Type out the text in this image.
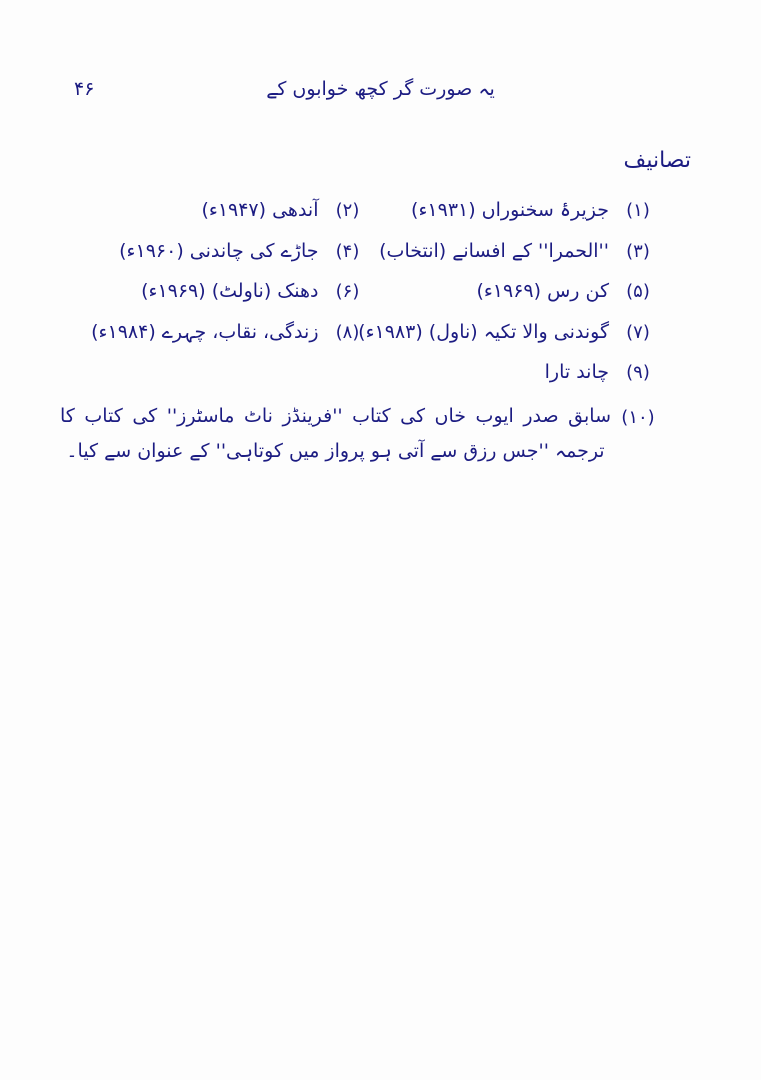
یہ صورت گر کچھ خوابوں کے
۴۶
تصانیف
(۱)
جزیرۂ سخنوراں (۱۹۳۱ء)
(۲)
آندھی (۱۹۴۷ء)
(۳)
''الحمرا'' کے افسانے (انتخاب)
(۴)
جاڑے کی چاندنی (۱۹۶۰ء)
(۵)
کن رس (۱۹۶۹ء)
(۶)
دھنک (ناولٹ) (۱۹۶۹ء)
(۷)
گوندنی والا تکیہ (ناول) (۱۹۸۳ء)
(۸)
زندگی، نقاب، چہرے (۱۹۸۴ء)
(۹)
چاند تارا
(۱۰)
سابق صدر ایوب خاں کی کتاب ''فرینڈز ناٹ ماسٹرز'' کی کتاب کا ترجمہ ''جس رزق سے آتی ہو پرواز میں کوتاہی'' کے عنوان سے کیا۔
